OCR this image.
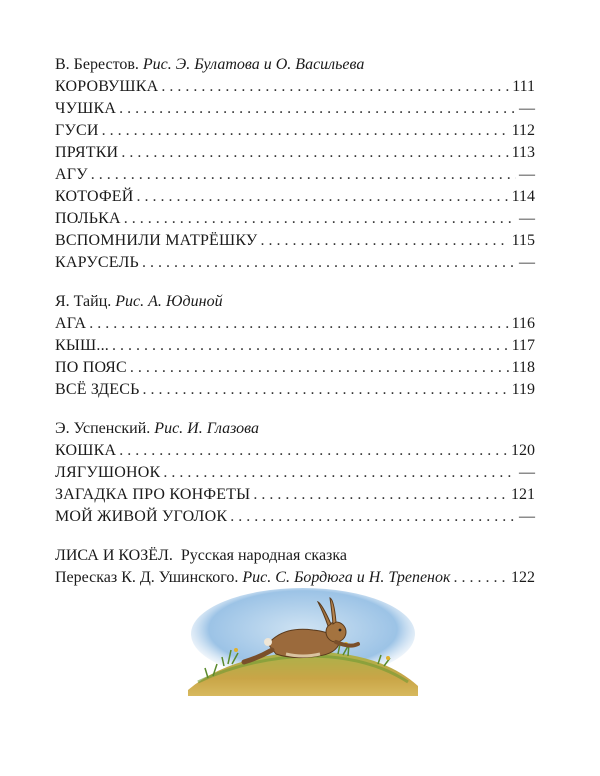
В. Берестов. Рис. Э. Булатова и О. Васильева
КОРОВУШКА . . .	111
ЧУШКА . . .	—
ГУСИ . . .	112
ПРЯТКИ . . .	113
АГУ . . .	—
КОТОФЕЙ . . .	114
ПОЛЬКА . . .	—
ВСПОМНИЛИ МАТРЁШКУ . . .	115
КАРУСЕЛЬ . . .	—
Я. Тайц. Рис. А. Юдиной
АГА . . .	116
КЫШ... . . .	117
ПО ПОЯС . . .	118
ВСЁ ЗДЕСЬ . . .	119
Э. Успенский. Рис. И. Глазова
КОШКА . . .	120
ЛЯГУШОНОК . . .	—
ЗАГАДКА ПРО КОНФЕТЫ . . .	121
МОЙ ЖИВОЙ УГОЛОК . . .	—
ЛИСА И КОЗЁЛ. Русская народная сказка
Пересказ К. Д. Ушинского. Рис. С. Бордюга и Н. Трепенок . . .	122
